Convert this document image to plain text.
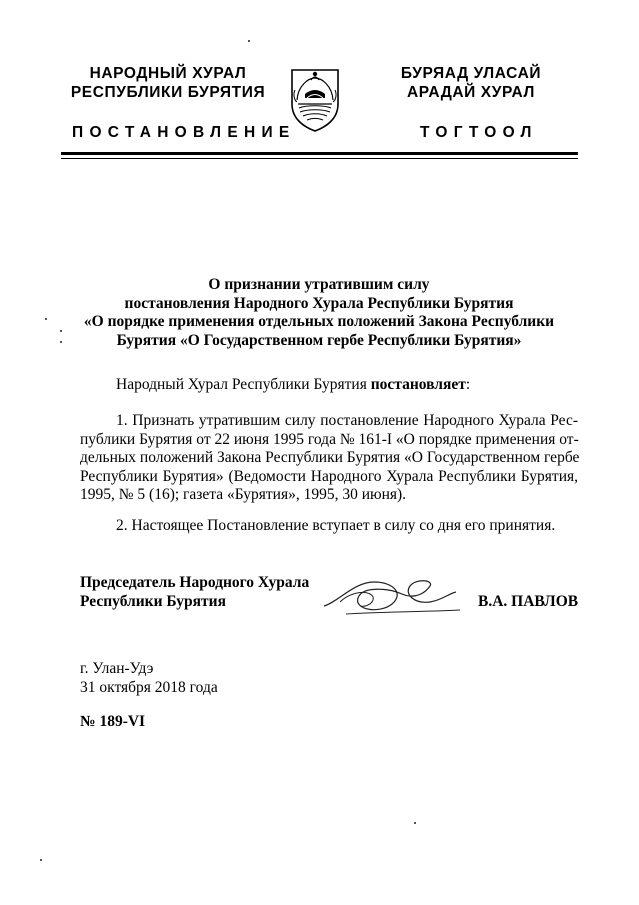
НАРОДНЫЙ ХУРАЛ
РЕСПУБЛИКИ БУРЯТИЯ
БУРЯАД УЛАСАЙ
АРАДАЙ ХУРАЛ
ПОСТАНОВЛЕНИЕ	ТОГТООЛ
О признании утратившим силу
постановления Народного Хурала Республики Бурятия
«О порядке применения отдельных положений Закона Республики
Бурятия «О Государственном гербе Республики Бурятия»
Народный Хурал Республики Бурятия постановляет:
1. Признать утратившим силу постановление Народного Хурала Рес-
публики Бурятия от 22 июня 1995 года № 161-I «О порядке применения от-
дельных положений Закона Республики Бурятия «О Государственном гербе
Республики Бурятия» (Ведомости Народного Хурала Республики Бурятия,
1995, № 5 (16); газета «Бурятия», 1995, 30 июня).
2. Настоящее Постановление вступает в силу со дня его принятия.
Председатель Народного Хурала
Республики Бурятия	В.А. ПАВЛОВ
г. Улан-Удэ
31 октября 2018 года
№ 189-VI
